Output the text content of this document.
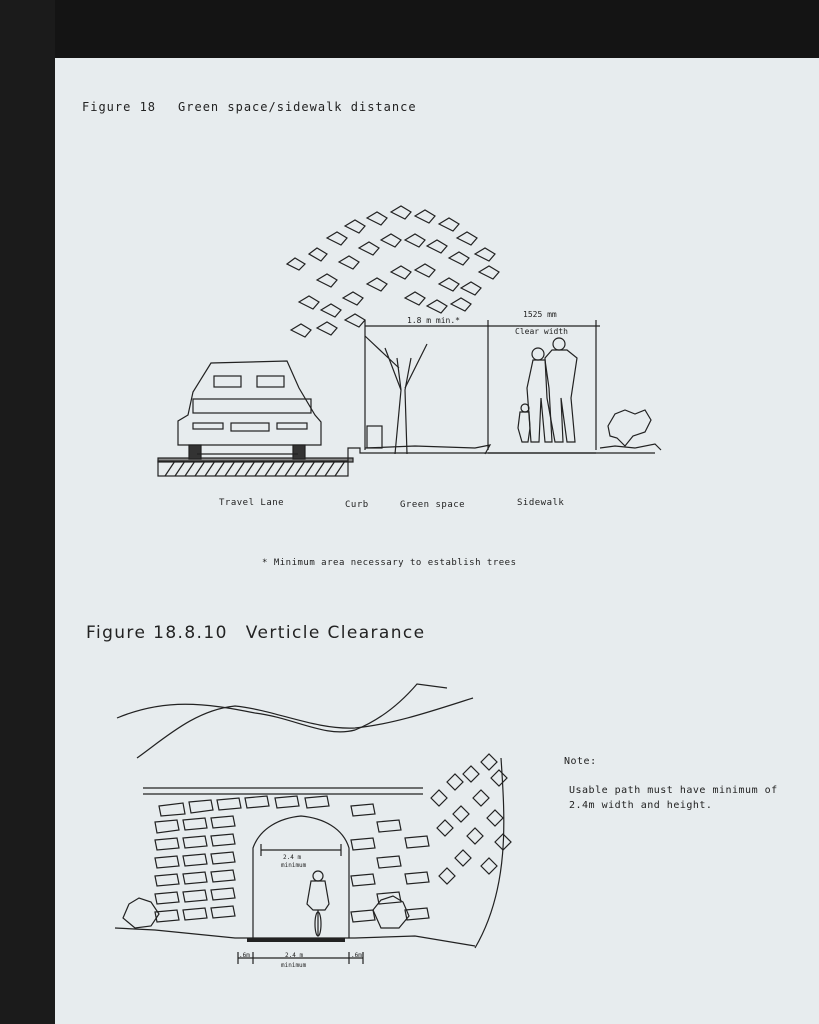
Figure 18 Green space/sidewalk distance
1.8 m min.*
1525 mm
Clear width
Travel Lane	Curb	Green space	Sidewalk
* Minimum area necessary to establish trees
Figure 18.8.10 Verticle Clearance
2.4 m
minimum
.6m	2.4 m
minimum
.6m
Note:
Usable path must have minimum of 2.4m width and height.
